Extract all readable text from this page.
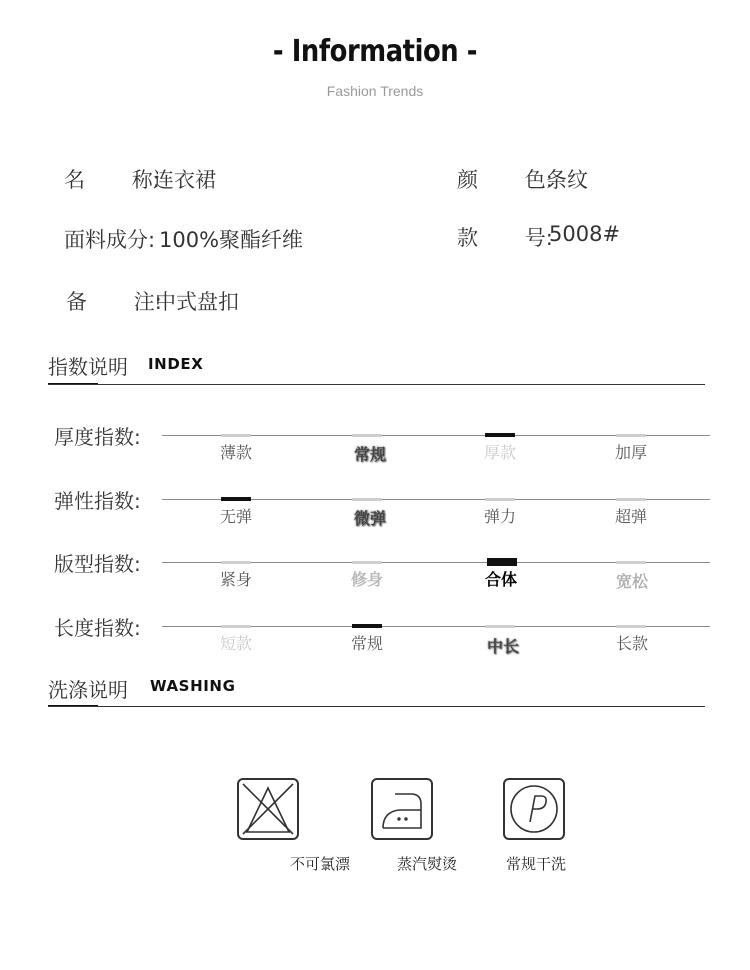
- Information -
Fashion Trends
名       称:
连衣裙	颜       色:
条纹
面料成分: 100%聚酯纤维	款       号:
5008#
备       注:
中式盘扣
指数说明 INDEX
厚度指数:
薄款	常规	厚款	加厚
弹性指数:
无弹	微弹	弹力	超弹
版型指数:
紧身	修身	合体	宽松
长度指数:
短款	常规	中长	长款
洗涤说明 WASHING
不可氯漂	蒸汽熨烫	常规干洗
